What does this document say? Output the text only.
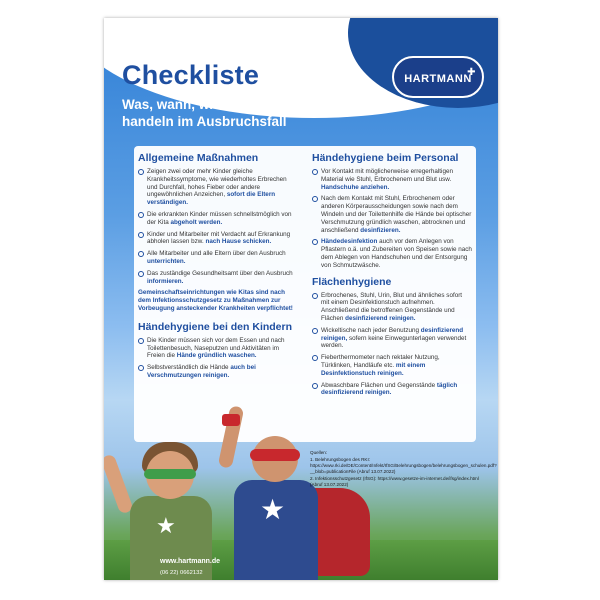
Checkliste

Was, wann, wie und womit: richtig handeln im Ausbruchsfall

HARTMANN
✚
Allgemeine Maßnahmen
Zeigen zwei oder mehr Kinder gleiche Krankheitssymptome, wie wiederholtes Erbrechen und Durchfall, hohes Fieber oder andere ungewöhnlichen Anzeichen, sofort die Eltern verständigen.
Die erkrankten Kinder müssen schnellstmöglich von der Kita abgeholt werden.
Kinder und Mitarbeiter mit Verdacht auf Erkrankung abholen lassen bzw. nach Hause schicken.
Alle Mitarbeiter und alle Eltern über den Ausbruch unterrichten.
Das zuständige Gesundheitsamt über den Ausbruch informieren.

Gemeinschaftseinrichtungen wie Kitas sind nach dem Infektionsschutzgesetz zu Maßnahmen zur Vorbeugung ansteckender Krankheiten verpflichtet!

Händehygiene bei den Kindern
Die Kinder müssen sich vor dem Essen und nach Toilettenbesuch, Naseputzen und Aktivitäten im Freien die Hände gründlich waschen.
Selbstverständlich die Hände auch bei Verschmutzungen reinigen.
Händehygiene beim Personal
Vor Kontakt mit möglicherweise erregerhaltigen Material wie Stuhl, Erbrochenem und Blut usw. Handschuhe anziehen.
Nach dem Kontakt mit Stuhl, Erbrochenem oder anderen Körperausscheidungen sowie nach dem Windeln und der Toilettenhilfe die Hände bei optischer Verschmutzung gründlich waschen, abtrocknen und anschließend desinfizieren.
Händedesinfektion auch vor dem Anlegen von Pflastern o.ä. und Zubereiten von Speisen sowie nach dem Ablegen von Handschuhen und der Entsorgung von Schmutzwäsche.
Flächenhygiene
Erbrochenes, Stuhl, Urin, Blut und ähnliches sofort mit einem Desinfektionstuch aufnehmen. Anschließend die betroffenen Gegenstände und Flächen desinfizierend reinigen.
Wickeltische nach jeder Benutzung desinfizierend reinigen, sofern keine Einwegunterlagen verwendet werden.
Fieberthermometer nach rektaler Nutzung, Türklinken, Handläufe etc. mit einem Desinfektionstuch reinigen.
Abwaschbare Flächen und Gegenstände täglich desinfizierend reinigen.
★
★

Quellen:

1. Belehrungsbogen des RKI: https://www.rki.de/DE/Content/Infekt/IfSG/Belehrungsbogen/belehrungsbogen_schulen.pdf?__blob=publicationFile (Abruf 13.07.2022)

2. Infektionsschutzgesetz (IfSG): https://www.gesetze-im-internet.de/ifsg/index.html (Abruf 13.07.2022)

www.hartmann.de

(06 22) 0662132
